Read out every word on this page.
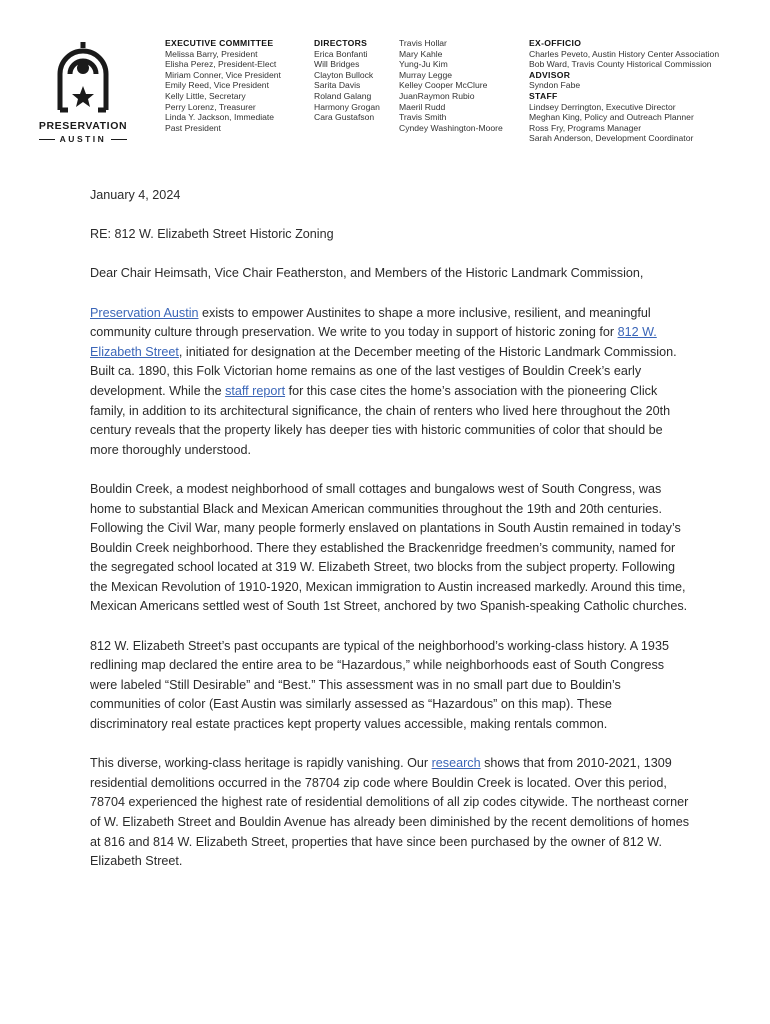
PRESERVATION
AUSTIN
EXECUTIVE COMMITTEE
Melissa Barry, President
Elisha Perez, President-Elect
Miriam Conner, Vice President
Emily Reed, Vice President
Kelly Little, Secretary
Perry Lorenz, Treasurer
Linda Y. Jackson, Immediate
Past President
DIRECTORS
Erica Bonfanti
Will Bridges
Clayton Bullock
Sarita Davis
Roland Galang
Harmony Grogan
Cara Gustafson
Travis Hollar
Mary Kahle
Yung-Ju Kim
Murray Legge
Kelley Cooper McClure
JuanRaymon Rubio
Maeril Rudd
Travis Smith
Cyndey Washington-Moore
EX-OFFICIO
Charles Peveto, Austin History Center Association
Bob Ward, Travis County Historical Commission
ADVISOR
Syndon Fabe
STAFF
Lindsey Derrington, Executive Director
Meghan King, Policy and Outreach Planner
Ross Fry, Programs Manager
Sarah Anderson, Development Coordinator

January 4, 2024

RE: 812 W. Elizabeth Street Historic Zoning

Dear Chair Heimsath, Vice Chair Featherston, and Members of the Historic Landmark Commission,

Preservation Austin exists to empower Austinites to shape a more inclusive, resilient, and meaningful community culture through preservation. We write to you today in support of historic zoning for 812 W. Elizabeth Street, initiated for designation at the December meeting of the Historic Landmark Commission. Built ca. 1890, this Folk Victorian home remains as one of the last vestiges of Bouldin Creek’s early development. While the staff report for this case cites the home’s association with the pioneering Click family, in addition to its architectural significance, the chain of renters who lived here throughout the 20th century reveals that the property likely has deeper ties with historic communities of color that should be more thoroughly understood.

Bouldin Creek, a modest neighborhood of small cottages and bungalows west of South Congress, was home to substantial Black and Mexican American communities throughout the 19th and 20th centuries. Following the Civil War, many people formerly enslaved on plantations in South Austin remained in today’s Bouldin Creek neighborhood. There they established the Brackenridge freedmen’s community, named for the segregated school located at 319 W. Elizabeth Street, two blocks from the subject property. Following the Mexican Revolution of 1910-1920, Mexican immigration to Austin increased markedly. Around this time, Mexican Americans settled west of South 1st Street, anchored by two Spanish-speaking Catholic churches.

812 W. Elizabeth Street’s past occupants are typical of the neighborhood’s working-class history. A 1935 redlining map declared the entire area to be “Hazardous,” while neighborhoods east of South Congress were labeled “Still Desirable” and “Best.” This assessment was in no small part due to Bouldin’s communities of color (East Austin was similarly assessed as “Hazardous” on this map). These discriminatory real estate practices kept property values accessible, making rentals common.

This diverse, working-class heritage is rapidly vanishing. Our research shows that from 2010-2021, 1309 residential demolitions occurred in the 78704 zip code where Bouldin Creek is located. Over this period, 78704 experienced the highest rate of residential demolitions of all zip codes citywide. The northeast corner of W. Elizabeth Street and Bouldin Avenue has already been diminished by the recent demolitions of homes at 816 and 814 W. Elizabeth Street, properties that have since been purchased by the owner of 812 W. Elizabeth Street.
